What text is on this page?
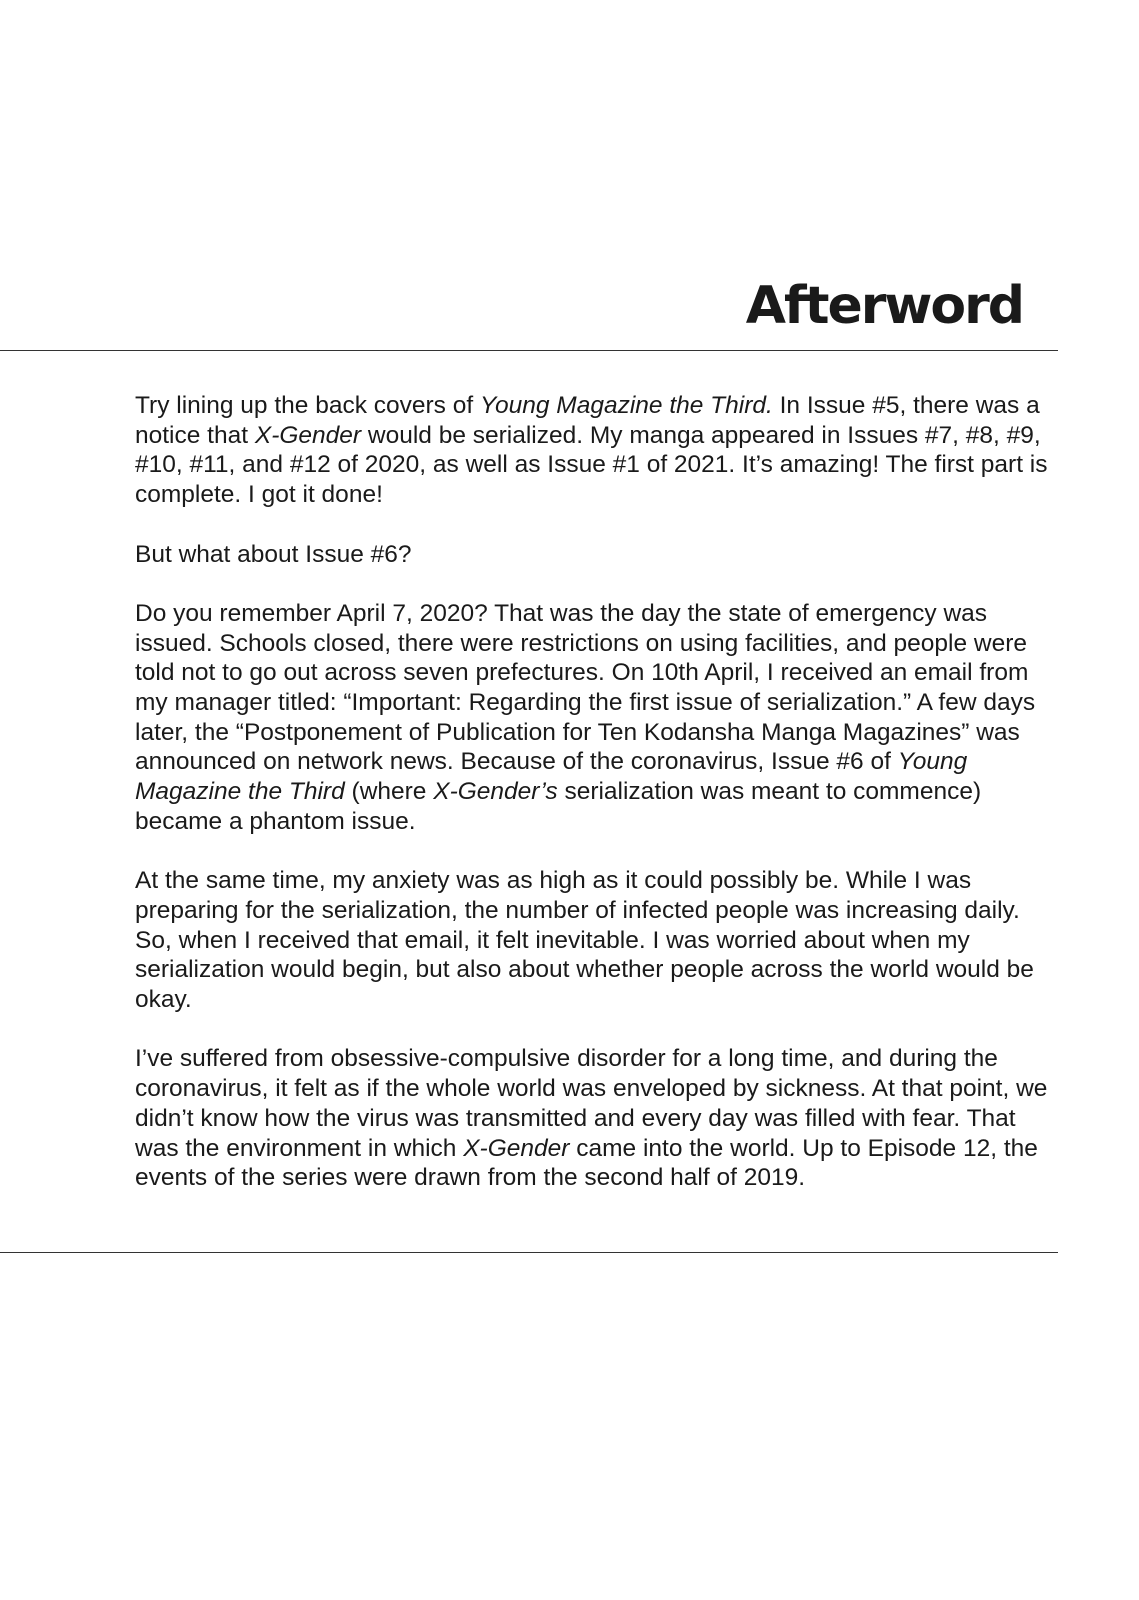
Afterword

Try lining up the back covers of Young Magazine the Third. In Issue #5, there was a notice that X-Gender would be serialized. My manga appeared in Issues #7, #8, #9, #10, #11, and #12 of 2020, as well as Issue #1 of 2021. It’s amazing! The first part is complete. I got it done!

But what about Issue #6?

Do you remember April 7, 2020? That was the day the state of emergency was issued. Schools closed, there were restrictions on using facilities, and people were told not to go out across seven prefectures. On 10th April, I received an email from my manager titled: “Important: Regarding the first issue of serialization.” A few days later, the “Postponement of Publication for Ten Kodansha Manga Magazines” was announced on network news. Because of the coronavirus, Issue #6 of Young Magazine the Third (where X-Gender’s serialization was meant to commence) became a phantom issue.

At the same time, my anxiety was as high as it could possibly be. While I was preparing for the serialization, the number of infected people was increasing daily. So, when I received that email, it felt inevitable. I was worried about when my serialization would begin, but also about whether people across the world would be okay.

I’ve suffered from obsessive-compulsive disorder for a long time, and during the coronavirus, it felt as if the whole world was enveloped by sickness. At that point, we didn’t know how the virus was transmitted and every day was filled with fear. That was the environment in which X-Gender came into the world. Up to Episode 12, the events of the series were drawn from the second half of 2019.
